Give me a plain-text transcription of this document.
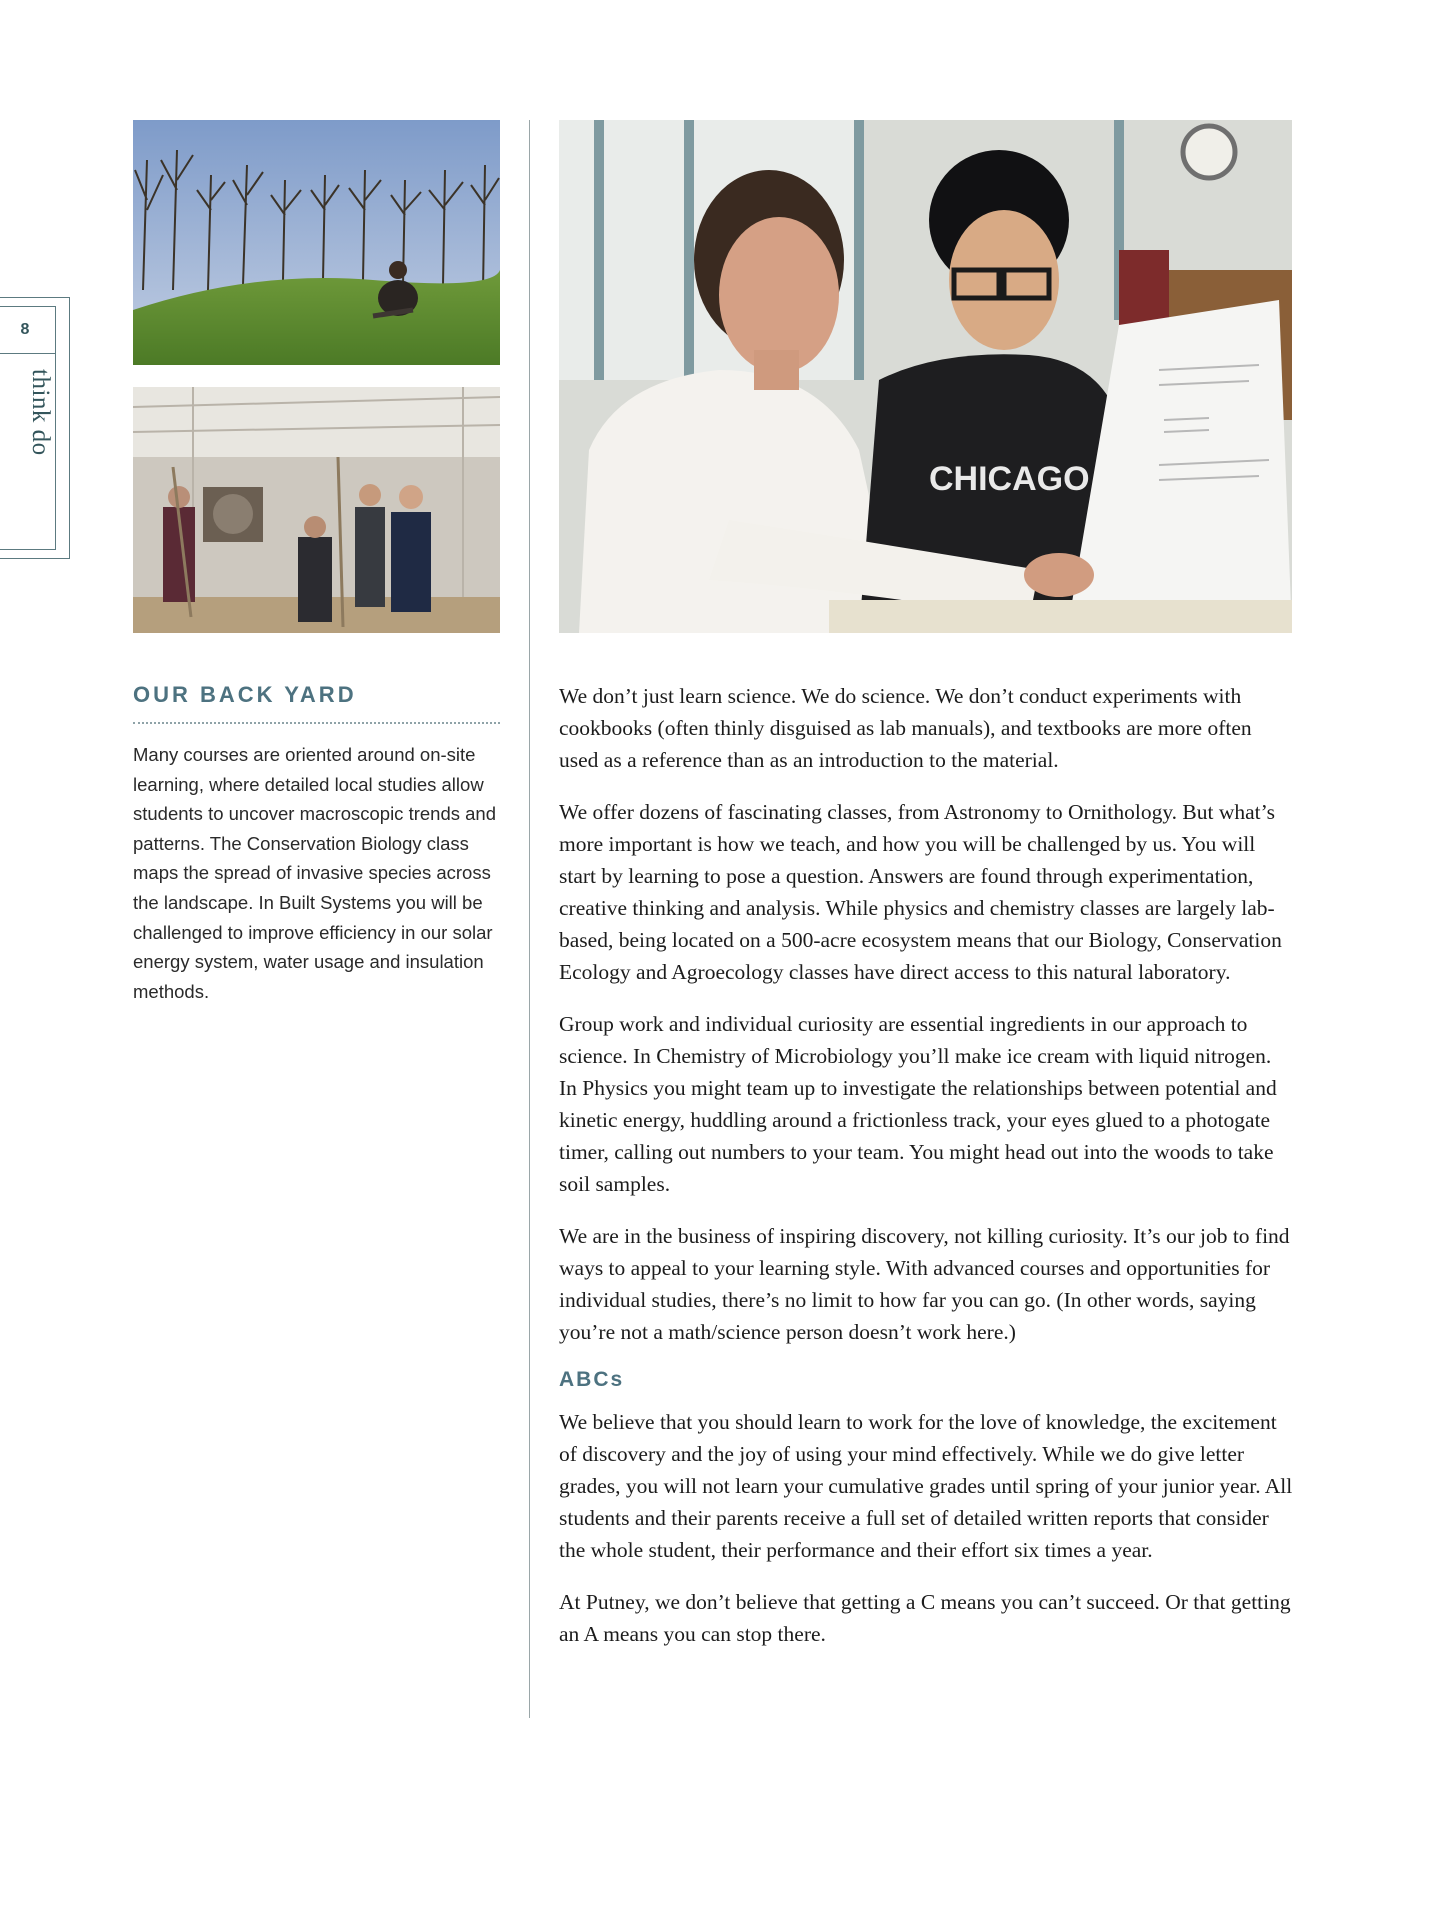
8
think do
CHICAGO
OUR BACK YARD
Many courses are oriented around on-site learning, where detailed local studies allow students to uncover macroscopic trends and patterns. The Conservation Biology class maps the spread of invasive species across the landscape. In Built Systems you will be challenged to improve efficiency in our solar energy system, water usage and insulation methods.

We don’t just learn science. We do science. We don’t conduct experiments with cookbooks (often thinly disguised as lab manuals), and textbooks are more often used as a reference than as an introduction to the material.

We offer dozens of fascinating classes, from Astronomy to Ornithology. But what’s more important is how we teach, and how you will be challenged by us. You will start by learning to pose a question. Answers are found through experimentation, creative thinking and analysis. While physics and chemistry classes are largely lab-based, being located on a 500-acre ecosystem means that our Biology, Conservation Ecology and Agroecology classes have direct access to this natural laboratory.

Group work and individual curiosity are essential ingredients in our approach to science. In Chemistry of Microbiology you’ll make ice cream with liquid nitrogen. In Physics you might team up to investigate the relationships between potential and kinetic energy, huddling around a frictionless track, your eyes glued to a photogate timer, calling out numbers to your team. You might head out into the woods to take soil samples.

We are in the business of inspiring discovery, not killing curiosity. It’s our job to find ways to appeal to your learning style. With advanced courses and opportunities for individual studies, there’s no limit to how far you can go. (In other words, saying you’re not a math/science person doesn’t work here.)

ABCs

We believe that you should learn to work for the love of knowledge, the excitement of discovery and the joy of using your mind effectively. While we do give letter grades, you will not learn your cumulative grades until spring of your junior year. All students and their parents receive a full set of detailed written reports that consider the whole student, their performance and their effort six times a year.

At Putney, we don’t believe that getting a C means you can’t succeed. Or that getting an A means you can stop there.
